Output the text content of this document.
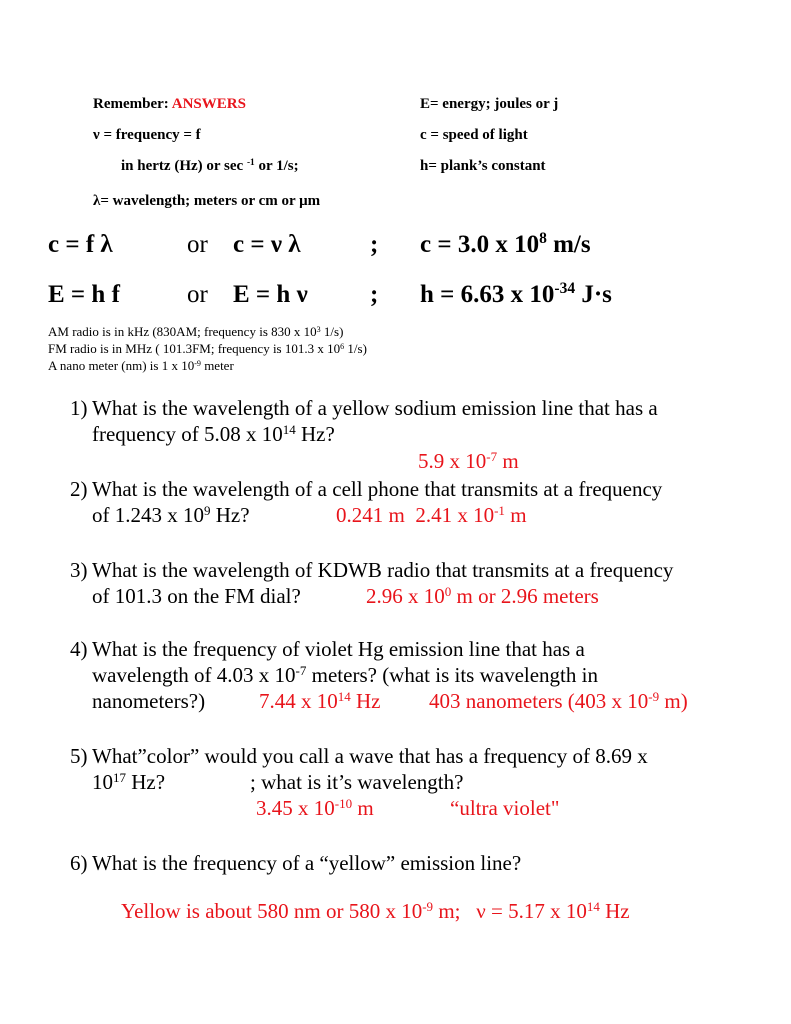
Remember: ANSWERS
ν = frequency = f
in hertz (Hz) or sec $^{-1}$ or 1/s;
λ= wavelength; meters or cm or μm
E= energy; joules or j
c = speed of light
h= plank’s constant
c = f λ	or c = ν λ	; c = 3.0 x $10^8$ m/s
E = h f	or E = h ν ; h = 6.63 x $10^{-34}$ J·s
AM radio is in kHz (830AM; frequency is 830 x $10^3$ 1/s)
FM radio is in MHz ( 101.3FM; frequency is 101.3 x $10^6$ 1/s)
A nano meter (nm) is 1 x $10^{-9}$ meter
1) What is the wavelength of a yellow sodium emission line that has a
frequency of 5.08 x $10^{14}$ Hz?
5.9 x $10^{-7}$ m
2) What is the wavelength of a cell phone that transmits at a frequency
of 1.243 x $10^9$ Hz?	0.241 m 2.41 x $10^{-1}$ m
3) What is the wavelength of KDWB radio that transmits at a frequency
of 101.3 on the FM dial?	2.96 x $10^0$ m or 2.96 meters
4) What is the frequency of violet Hg emission line that has a
wavelength of 4.03 x $10^{-7}$ meters? (what is its wavelength in
nanometers?)	7.44 x $10^{14}$ Hz 403 nanometers (403 x $10^{-9}$ m)
5) What”color” would you call a wave that has a frequency of 8.69 x
$10^{17}$ Hz?	; what is it’s wavelength?
3.45 x $10^{-10}$ m	“ultra violet"
6) What is the frequency of a “yellow” emission line?
Yellow is about 580 nm or 580 x $10^{-9}$ m; ν = 5.17 x $10^{14}$ Hz
